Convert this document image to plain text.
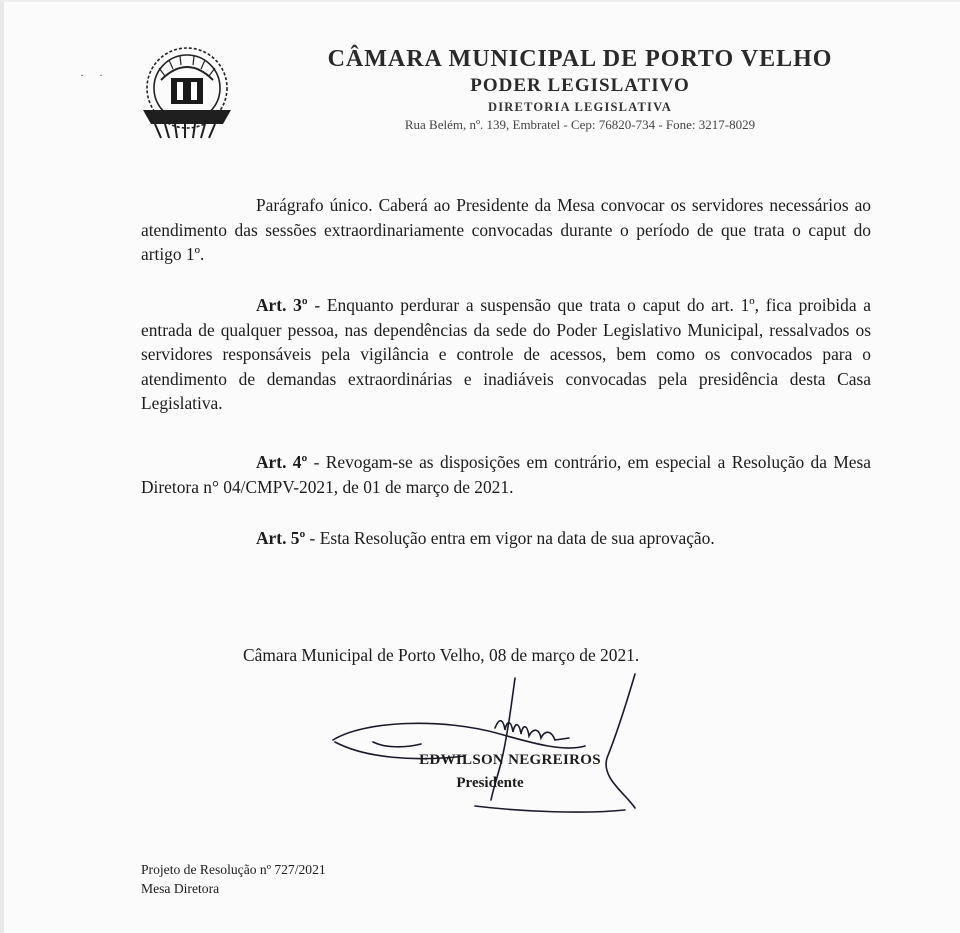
· ·
CÂMARA MUNICIPAL DE PORTO VELHO
PODER LEGISLATIVO
DIRETORIA LEGISLATIVA
Rua Belém, nº. 139, Embratel - Cep: 76820-734 - Fone: 3217-8029
Parágrafo único. Caberá ao Presidente da Mesa convocar os servidores necessários ao atendimento das sessões extraordinariamente convocadas durante o período de que trata o caput do artigo 1º.
Art. 3º - Enquanto perdurar a suspensão que trata o caput do art. 1º, fica proibida a entrada de qualquer pessoa, nas dependências da sede do Poder Legislativo Municipal, ressalvados os servidores responsáveis pela vigilância e controle de acessos, bem como os convocados para o atendimento de demandas extraordinárias e inadiáveis convocadas pela presidência desta Casa Legislativa.
Art. 4º - Revogam-se as disposições em contrário, em especial a Resolução da Mesa Diretora n° 04/CMPV-2021, de 01 de março de 2021.
Art. 5º - Esta Resolução entra em vigor na data de sua aprovação.
Câmara Municipal de Porto Velho, 08 de março de 2021.
EDWILSON NEGREIROS
Presidente
Projeto de Resolução nº 727/2021
Mesa Diretora
